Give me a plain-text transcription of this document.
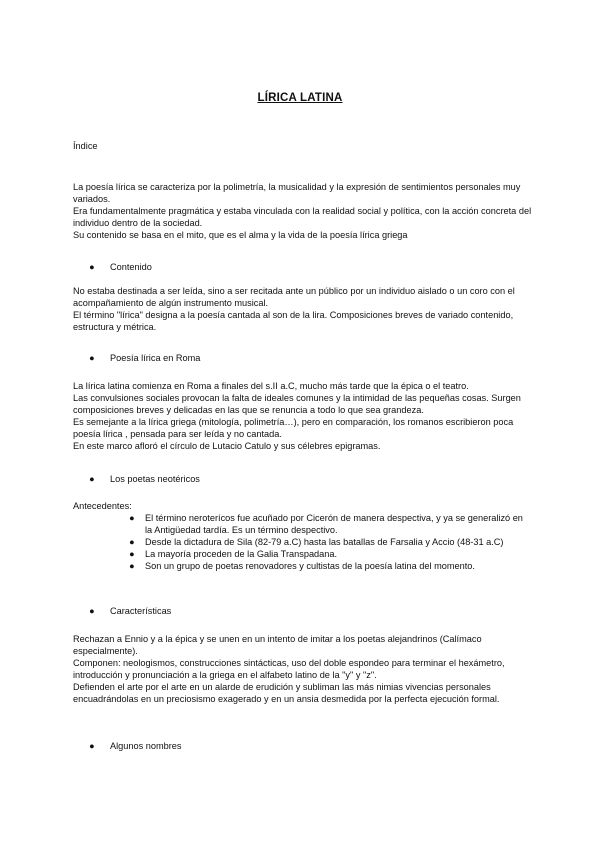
LÍRICA LATINA

Índice

La poesía lírica se caracteriza por la polimetría, la musicalidad y la expresión de sentimientos personales muy variados.

Era fundamentalmente pragmática y estaba vinculada con la realidad social y política, con la acción concreta del individuo dentro de la sociedad.

Su contenido se basa en el mito, que es el alma y la vida de la poesía lírica griega

● Contenido

No estaba destinada a ser leída, sino a ser recitada ante un público por un individuo aislado o un coro con el acompañamiento de algún instrumento musical.

El término "lírica" designa a la poesía cantada al son de la lira. Composiciones breves de variado contenido, estructura y métrica.

● Poesía lírica en Roma

La lírica latina comienza en Roma a finales del s.II a.C, mucho más tarde que la épica o el teatro.

Las convulsiones sociales provocan la falta de ideales comunes y la intimidad de las pequeñas cosas. Surgen composiciones breves y delicadas en las que se renuncia a todo lo que sea grandeza.

Es semejante a la lírica griega (mitología, polimetría…), pero en comparación, los romanos escribieron poca poesía lírica , pensada para ser leída y no cantada.

En este marco afloró el círculo de Lutacio Catulo y sus célebres epigramas.

● Los poetas neotéricos

Antecedentes:

● El término neroterícos fue acuñado por Cicerón de manera despectiva, y ya se generalizó en la Antigüedad tardía. Es un término despectivo.
● Desde la dictadura de Sila (82-79 a.C) hasta las batallas de Farsalia y Accio (48-31 a.C)
● La mayoría proceden de la Galia Transpadana.
● Son un grupo de poetas renovadores y cultistas de la poesía latina del momento.
● Características

Rechazan a Ennio y a la épica y se unen en un intento de imitar a los poetas alejandrinos (Calímaco especialmente).

Componen: neologismos, construcciones sintácticas, uso del doble espondeo para terminar el hexámetro, introducción y pronunciación a la griega en el alfabeto latino de la "y" y "z".

Defienden el arte por el arte en un alarde de erudición y subliman las más nimias vivencias personales encuadrándolas en un preciosismo exagerado y en un ansia desmedida por la perfecta ejecución formal.

● Algunos nombres
